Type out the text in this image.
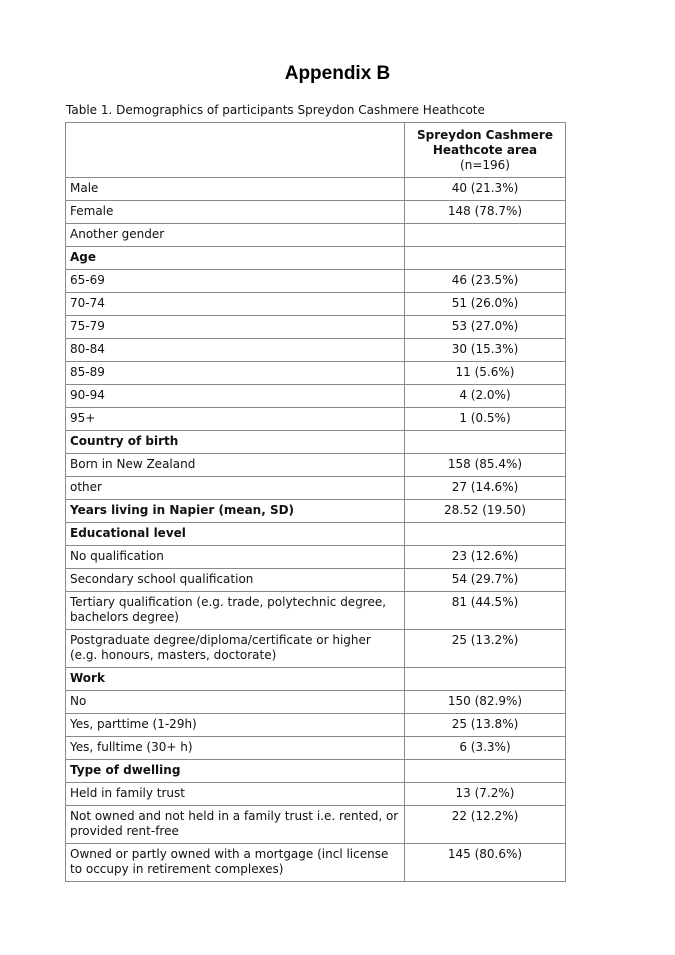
Appendix B
Table 1. Demographics of participants Spreydon Cashmere Heathcote
	Spreydon Cashmere Heathcote area (n=196)
Male	40 (21.3%)
Female	148 (78.7%)
Another gender	
Age	
65-69	46 (23.5%)
70-74	51 (26.0%)
75-79	53 (27.0%)
80-84	30 (15.3%)
85-89	11 (5.6%)
90-94	4 (2.0%)
95+	1 (0.5%)
Country of birth	
Born in New Zealand	158 (85.4%)
other	27 (14.6%)
Years living in Napier (mean, SD)	28.52 (19.50)
Educational level	
No qualification	23 (12.6%)
Secondary school qualification	54 (29.7%)
Tertiary qualification (e.g. trade, polytechnic degree, bachelors degree)	81 (44.5%)
Postgraduate degree/diploma/certificate or higher (e.g. honours, masters, doctorate)	25 (13.2%)
Work	
No	150 (82.9%)
Yes, parttime (1-29h)	25 (13.8%)
Yes, fulltime (30+ h)	6 (3.3%)
Type of dwelling	
Held in family trust	13 (7.2%)
Not owned and not held in a family trust i.e. rented, or provided rent-free	22 (12.2%)
Owned or partly owned with a mortgage (incl license to occupy in retirement complexes)	145 (80.6%)
